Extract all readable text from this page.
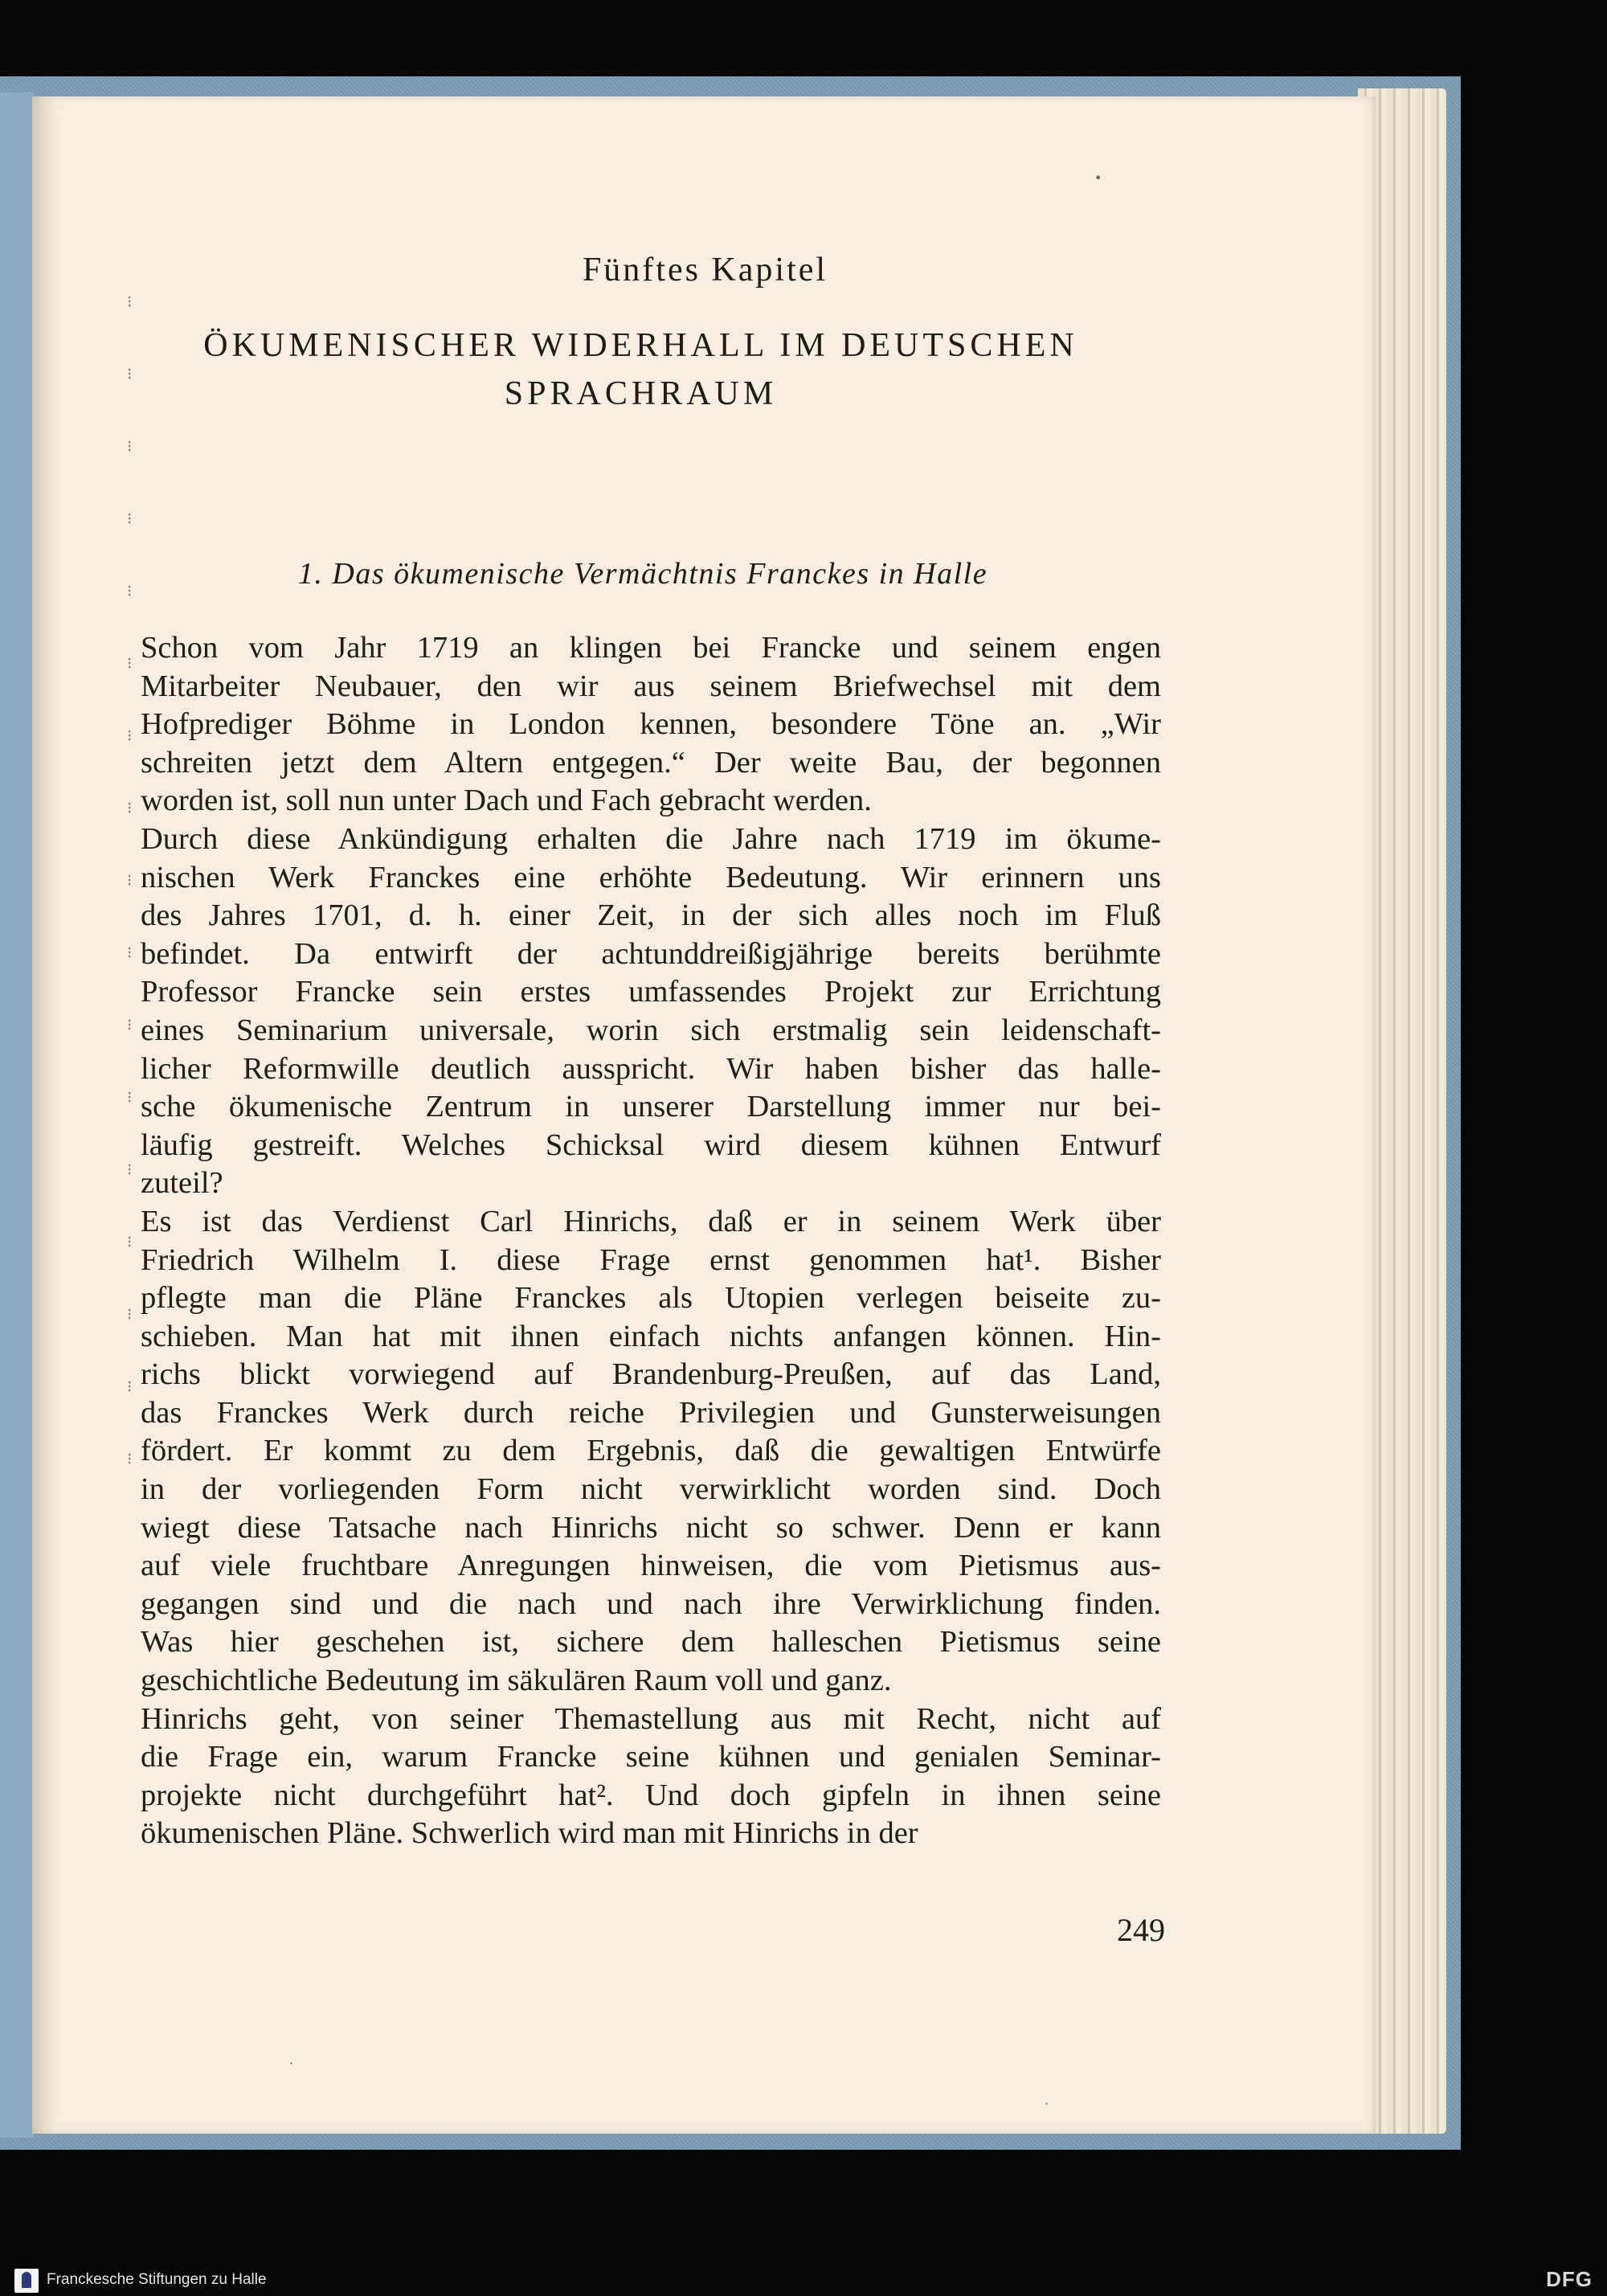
⁝
⁝
⁝
⁝
⁝
⁝
⁝
⁝
⁝
⁝
⁝
⁝
⁝
⁝
⁝
⁝
⁝
Fünftes Kapitel
ÖKUMENISCHER WIDERHALL IM DEUTSCHEN
SPRACHRAUM
1. Das ökumenische Vermächtnis Franckes in Halle
Schon vom Jahr 1719 an klingen bei Francke und seinem engen
Mitarbeiter Neubauer, den wir aus seinem Briefwechsel mit dem
Hofprediger Böhme in London kennen, besondere Töne an. „Wir
schreiten jetzt dem Altern entgegen.“ Der weite Bau, der begonnen
worden ist, soll nun unter Dach und Fach gebracht werden.
Durch diese Ankündigung erhalten die Jahre nach 1719 im ökume-
nischen Werk Franckes eine erhöhte Bedeutung. Wir erinnern uns
des Jahres 1701, d. h. einer Zeit, in der sich alles noch im Fluß
befindet. Da entwirft der achtunddreißigjährige bereits berühmte
Professor Francke sein erstes umfassendes Projekt zur Errichtung
eines Seminarium universale, worin sich erstmalig sein leidenschaft-
licher Reformwille deutlich ausspricht. Wir haben bisher das halle-
sche ökumenische Zentrum in unserer Darstellung immer nur bei-
läufig gestreift. Welches Schicksal wird diesem kühnen Entwurf
zuteil?
Es ist das Verdienst Carl Hinrichs, daß er in seinem Werk über
Friedrich Wilhelm I. diese Frage ernst genommen hat¹. Bisher
pflegte man die Pläne Franckes als Utopien verlegen beiseite zu-
schieben. Man hat mit ihnen einfach nichts anfangen können. Hin-
richs blickt vorwiegend auf Brandenburg-Preußen, auf das Land,
das Franckes Werk durch reiche Privilegien und Gunsterweisungen
fördert. Er kommt zu dem Ergebnis, daß die gewaltigen Entwürfe
in der vorliegenden Form nicht verwirklicht worden sind. Doch
wiegt diese Tatsache nach Hinrichs nicht so schwer. Denn er kann
auf viele fruchtbare Anregungen hinweisen, die vom Pietismus aus-
gegangen sind und die nach und nach ihre Verwirklichung finden.
Was hier geschehen ist, sichere dem halleschen Pietismus seine
geschichtliche Bedeutung im säkulären Raum voll und ganz.
Hinrichs geht, von seiner Themastellung aus mit Recht, nicht auf
die Frage ein, warum Francke seine kühnen und genialen Seminar-
projekte nicht durchgeführt hat². Und doch gipfeln in ihnen seine
ökumenischen Pläne. Schwerlich wird man mit Hinrichs in der
249
•
·
·
Franckesche Stiftungen zu Halle	DFG
